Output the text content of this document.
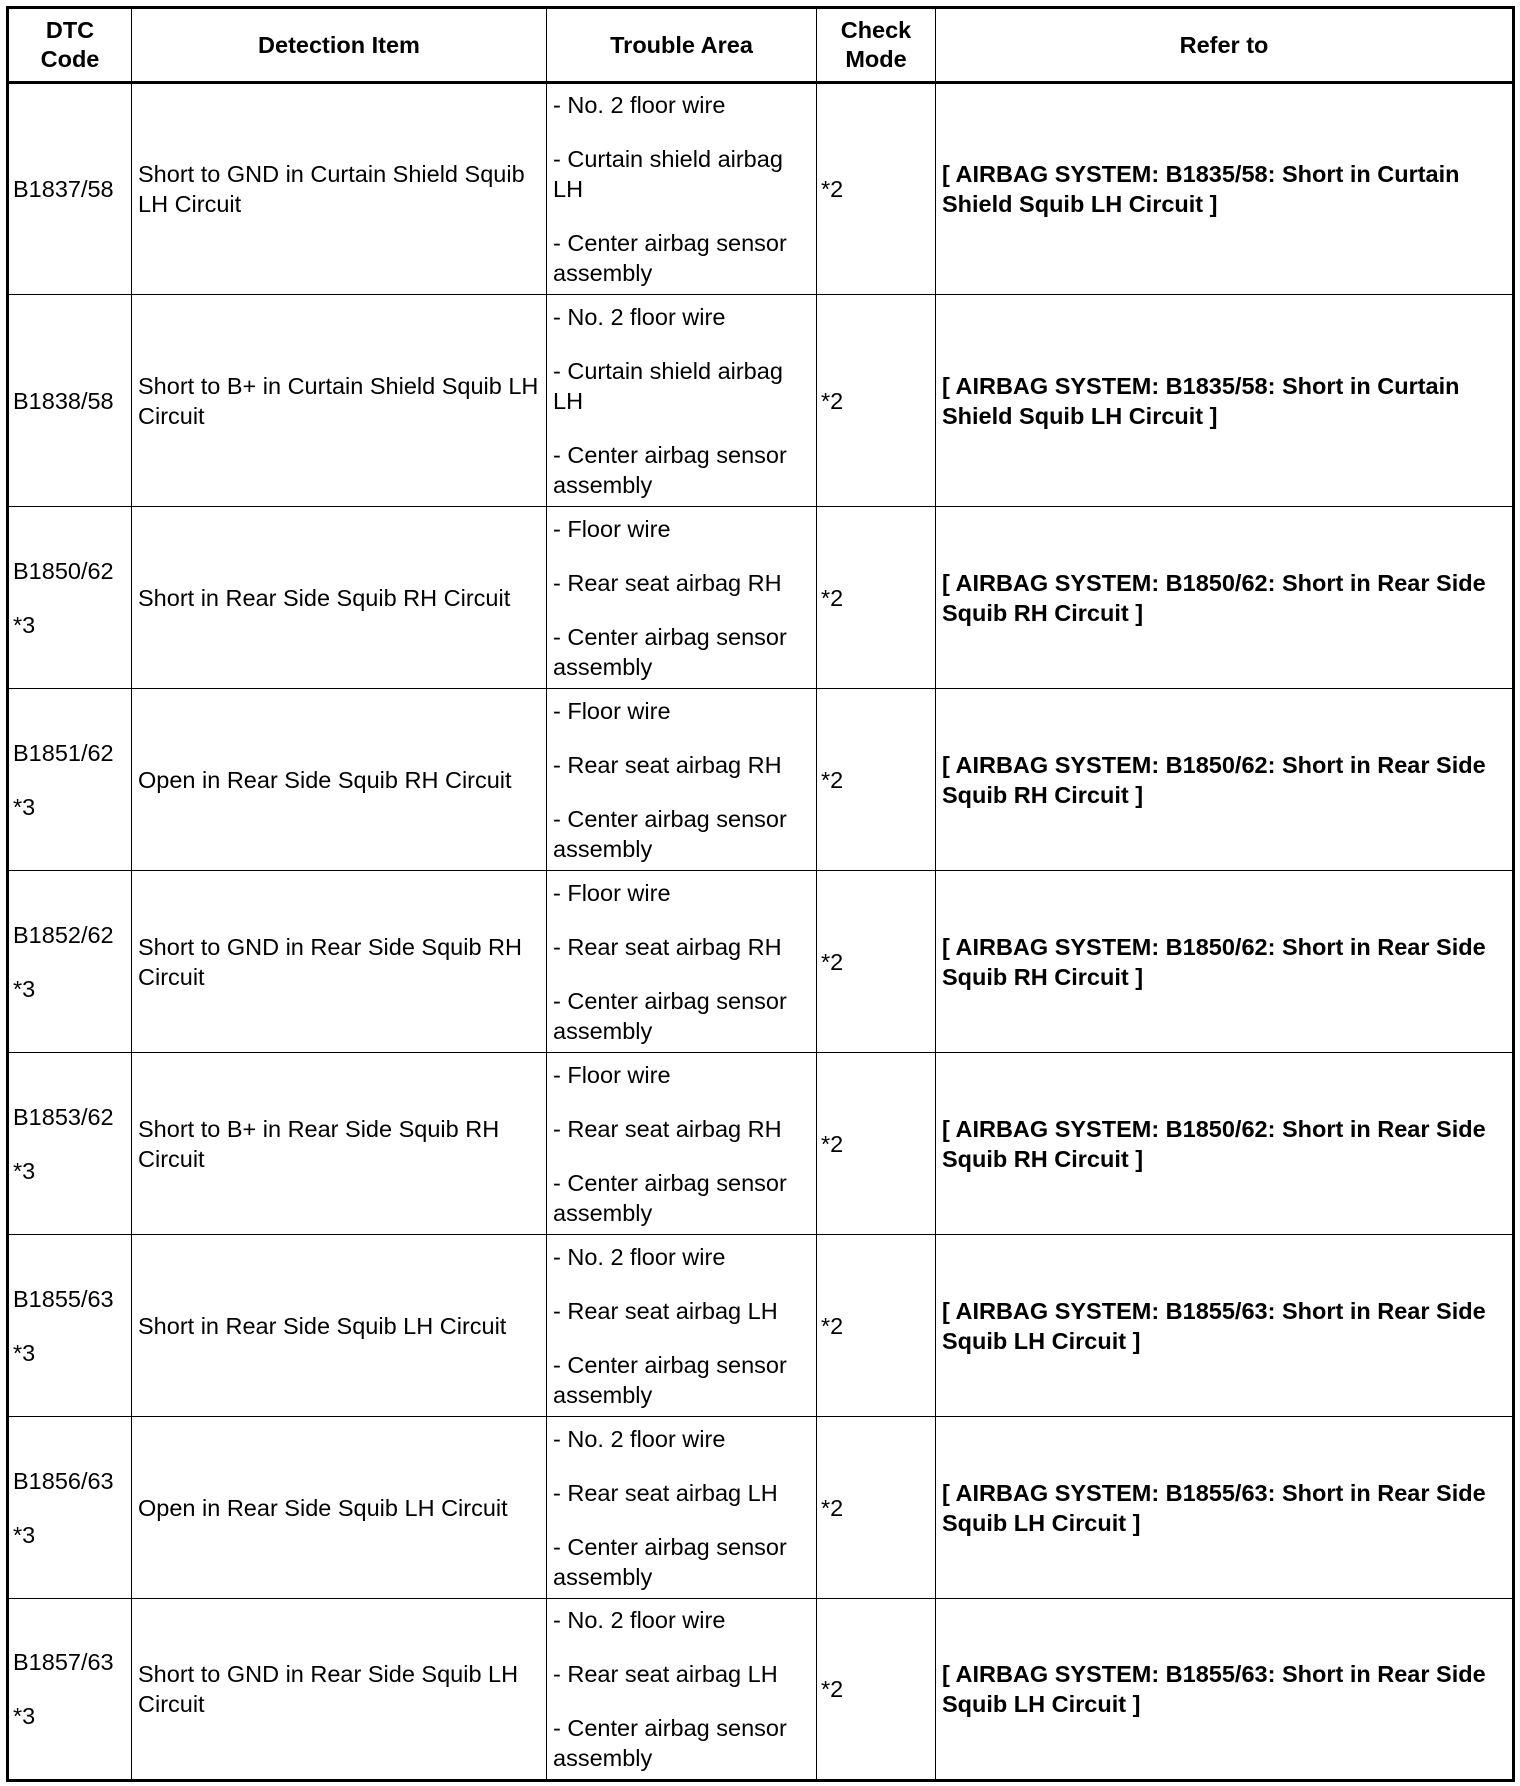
DTC
Code	Detection Item	Trouble Area	Check
Mode	Refer to

B1837/58	Short to GND in Curtain Shield Squib LH Circuit	- No. 2 floor wire
- Curtain shield airbag LH
- Center airbag sensor assembly	*2	[ AIRBAG SYSTEM: B1835/58: Short in Curtain Shield Squib LH Circuit ]

B1838/58	Short to B+ in Curtain Shield Squib LH Circuit	- No. 2 floor wire
- Curtain shield airbag LH
- Center airbag sensor assembly	*2	[ AIRBAG SYSTEM: B1835/58: Short in Curtain Shield Squib LH Circuit ]

B1850/62
*3	Short in Rear Side Squib RH Circuit	- Floor wire
- Rear seat airbag RH
- Center airbag sensor assembly	*2	[ AIRBAG SYSTEM: B1850/62: Short in Rear Side Squib RH Circuit ]

B1851/62
*3	Open in Rear Side Squib RH Circuit	- Floor wire
- Rear seat airbag RH
- Center airbag sensor assembly	*2	[ AIRBAG SYSTEM: B1850/62: Short in Rear Side Squib RH Circuit ]

B1852/62
*3	Short to GND in Rear Side Squib RH Circuit	- Floor wire
- Rear seat airbag RH
- Center airbag sensor assembly	*2	[ AIRBAG SYSTEM: B1850/62: Short in Rear Side Squib RH Circuit ]

B1853/62
*3	Short to B+ in Rear Side Squib RH Circuit	- Floor wire
- Rear seat airbag RH
- Center airbag sensor assembly	*2	[ AIRBAG SYSTEM: B1850/62: Short in Rear Side Squib RH Circuit ]

B1855/63
*3	Short in Rear Side Squib LH Circuit	- No. 2 floor wire
- Rear seat airbag LH
- Center airbag sensor assembly	*2	[ AIRBAG SYSTEM: B1855/63: Short in Rear Side Squib LH Circuit ]

B1856/63
*3	Open in Rear Side Squib LH Circuit	- No. 2 floor wire
- Rear seat airbag LH
- Center airbag sensor assembly	*2	[ AIRBAG SYSTEM: B1855/63: Short in Rear Side Squib LH Circuit ]

B1857/63
*3	Short to GND in Rear Side Squib LH Circuit	- No. 2 floor wire
- Rear seat airbag LH
- Center airbag sensor assembly	*2	[ AIRBAG SYSTEM: B1855/63: Short in Rear Side Squib LH Circuit ]
